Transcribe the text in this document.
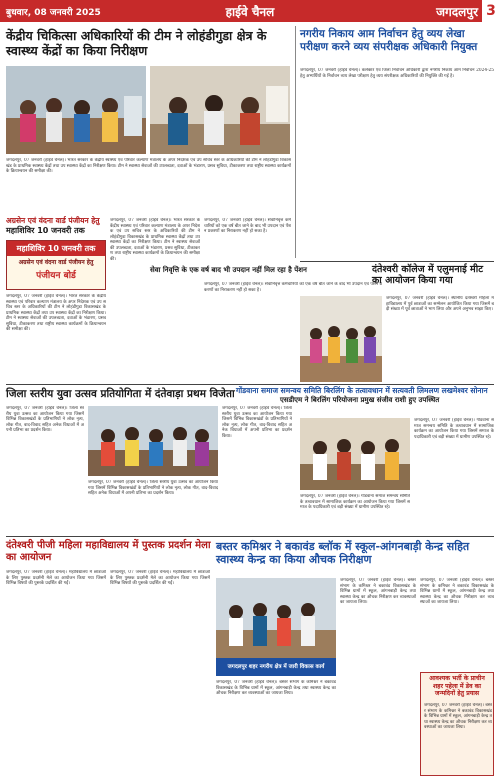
बुधवार, 08 जनवरी 2025	हाईवे चैनल	जगदलपुर 3
केंद्रीय चिकित्सा अधिकारियों की टीम ने लोहंडीगुडा क्षेत्र के स्वास्थ्य केंद्रों का किया निरीक्षण
जगदलपुर, 07 जनवरी (हाईवे चैनल)। भारत सरकार के केंद्रीय स्वास्थ्य एवं परिवार कल्याण मंत्रालय के अपर निदेशक एवं उप सचिव स्तर के अधिकारियों की टीम ने लोहंडीगुडा विकासखंड के प्राथमिक स्वास्थ्य केंद्रों तथा उप स्वास्थ्य केंद्रों का निरीक्षण किया। टीम ने स्वास्थ्य सेवाओं की उपलब्धता, दवाओं के भंडारण, प्रसव सुविधा, टीकाकरण तथा राष्ट्रीय स्वास्थ्य कार्यक्रमों के क्रियान्वयन की समीक्षा की।
अग्रसेन एवं वंदना वार्ड पंजीयन हेतु
महाशिविर 10 जनवरी तक
महाशिविर 10 जनवरी तक
अग्रसेन एवं वंदना वार्ड पंजीयन हेतु
पंजीयन बोर्ड
जगदलपुर, 07 जनवरी (हाईवे चैनल)। भारत सरकार के केंद्रीय स्वास्थ्य एवं परिवार कल्याण मंत्रालय के अपर निदेशक एवं उप सचिव स्तर के अधिकारियों की टीम ने लोहंडीगुडा विकासखंड के प्राथमिक स्वास्थ्य केंद्रों तथा उप स्वास्थ्य केंद्रों का निरीक्षण किया। टीम ने स्वास्थ्य सेवाओं की उपलब्धता, दवाओं के भंडारण, प्रसव सुविधा, टीकाकरण तथा राष्ट्रीय स्वास्थ्य कार्यक्रमों के क्रियान्वयन की समीक्षा की।
जगदलपुर, 07 जनवरी (हाईवे चैनल)। भारत सरकार के केंद्रीय स्वास्थ्य एवं परिवार कल्याण मंत्रालय के अपर निदेशक एवं उप सचिव स्तर के अधिकारियों की टीम ने लोहंडीगुडा विकासखंड के प्राथमिक स्वास्थ्य केंद्रों तथा उप स्वास्थ्य केंद्रों का निरीक्षण किया। टीम ने स्वास्थ्य सेवाओं की उपलब्धता, दवाओं के भंडारण, प्रसव सुविधा, टीकाकरण तथा राष्ट्रीय स्वास्थ्य कार्यक्रमों के क्रियान्वयन की समीक्षा की।
जगदलपुर, 07 जनवरी (हाईवे चैनल)। सेवानिवृत्त कर्मचारियों को एक वर्ष बीत जाने के बाद भी उपदान एवं पेंशन प्रकरणों का निराकरण नहीं हो सका है।
सेवा निवृत्ति के एक वर्ष बाद भी उपदान नहीं मिल रहा है पेंशन
जगदलपुर, 07 जनवरी (हाईवे चैनल)। सेवानिवृत्त कर्मचारियों को एक वर्ष बीत जाने के बाद भी उपदान एवं पेंशन प्रकरणों का निराकरण नहीं हो सका है।
नगरीय निकाय आम निर्वाचन हेतु व्यय लेखा परीक्षण करने व्यय संपरीक्षक अधिकारी नियुक्त
जगदलपुर, 07 जनवरी (हाईवे चैनल)। कलेक्टर एवं जिला निर्वाचन अधिकारी द्वारा नगरीय निकाय आम निर्वाचन 2024-25 हेतु अभ्यर्थियों के निर्वाचन व्यय लेखा परीक्षण हेतु व्यय संपरीक्षक अधिकारियों की नियुक्ति की गई है।
दंतेश्वरी कॉलेज में एलुमनाई मीट का आयोजन किया गया
जगदलपुर, 07 जनवरी (हाईवे चैनल)। स्थानीय दंतेश्वरी महिला महाविद्यालय में पूर्व छात्राओं का सम्मेलन आयोजित किया गया जिसमें बड़ी संख्या में पूर्व छात्राओं ने भाग लिया और अपने अनुभव साझा किए।
जिला स्तरीय युवा उत्सव प्रतियोगिता में दंतेवाड़ा प्रथम विजेता
जगदलपुर, 07 जनवरी (हाईवे चैनल)। जिला स्तरीय युवा उत्सव का आयोजन किया गया जिसमें विभिन्न विकासखंडों के प्रतिभागियों ने लोक नृत्य, लोक गीत, वाद-विवाद सहित अनेक विधाओं में अपनी प्रतिभा का प्रदर्शन किया।
जगदलपुर, 07 जनवरी (हाईवे चैनल)। जिला स्तरीय युवा उत्सव का आयोजन किया गया जिसमें विभिन्न विकासखंडों के प्रतिभागियों ने लोक नृत्य, लोक गीत, वाद-विवाद सहित अनेक विधाओं में अपनी प्रतिभा का प्रदर्शन किया।
जगदलपुर, 07 जनवरी (हाईवे चैनल)। जिला स्तरीय युवा उत्सव का आयोजन किया गया जिसमें विभिन्न विकासखंडों के प्रतिभागियों ने लोक नृत्य, लोक गीत, वाद-विवाद सहित अनेक विधाओं में अपनी प्रतिभा का प्रदर्शन किया।
गोंडवाना समाज समन्वय समिति बिरलिंग के तत्वावधान में सत्यवती लिमलण लखमेश्वर सोनान
एसडीएम ने बिरलिंग परियोजना प्रमुख संजीव राशी हुए उपस्थित
जगदलपुर, 07 जनवरी (हाईवे चैनल)। गोंडवाना समाज समन्वय समिति के तत्वावधान में सामाजिक कार्यक्रम का आयोजन किया गया जिसमें समाज के पदाधिकारी एवं बड़ी संख्या में ग्रामीण उपस्थित रहे।
जगदलपुर, 07 जनवरी (हाईवे चैनल)। गोंडवाना समाज समन्वय समिति के तत्वावधान में सामाजिक कार्यक्रम का आयोजन किया गया जिसमें समाज के पदाधिकारी एवं बड़ी संख्या में ग्रामीण उपस्थित रहे।
दंतेश्वरी पीजी महिला महाविद्यालय में पुस्तक प्रदर्शन मेला का आयोजन
जगदलपुर, 07 जनवरी (हाईवे चैनल)। महाविद्यालय में छात्राओं के लिए पुस्तक प्रदर्शनी मेले का आयोजन किया गया जिसमें विभिन्न विषयों की पुस्तकें प्रदर्शित की गईं।
जगदलपुर, 07 जनवरी (हाईवे चैनल)। महाविद्यालय में छात्राओं के लिए पुस्तक प्रदर्शनी मेले का आयोजन किया गया जिसमें विभिन्न विषयों की पुस्तकें प्रदर्शित की गईं।
बस्तर कमिश्नर ने बकावंड ब्लॉक में स्कूल-आंगनबाड़ी केन्द्र सहित स्वास्थ्य केन्द्र का किया औचक निरीक्षण
जगदलपुर शहर नगरीय क्षेत्र में जारी विकास कार्य
जगदलपुर, 07 जनवरी (हाईवे चैनल)। बस्तर संभाग के कमिश्नर ने बकावंड विकासखंड के विभिन्न ग्रामों में स्कूल, आंगनबाड़ी केन्द्र तथा स्वास्थ्य केन्द्र का औचक निरीक्षण कर व्यवस्थाओं का जायजा लिया।
जगदलपुर, 07 जनवरी (हाईवे चैनल)। बस्तर संभाग के कमिश्नर ने बकावंड विकासखंड के विभिन्न ग्रामों में स्कूल, आंगनबाड़ी केन्द्र तथा स्वास्थ्य केन्द्र का औचक निरीक्षण कर व्यवस्थाओं का जायजा लिया।
आवश्यक भर्ती के प्राचीन शहर पहेला में डेव का जन्मदिनाें हेतु प्रयास
जगदलपुर, 07 जनवरी (हाईवे चैनल)। बस्तर संभाग के कमिश्नर ने बकावंड विकासखंड के विभिन्न ग्रामों में स्कूल, आंगनबाड़ी केन्द्र तथा स्वास्थ्य केन्द्र का औचक निरीक्षण कर व्यवस्थाओं का जायजा लिया।
जगदलपुर, 07 जनवरी (हाईवे चैनल)। बस्तर संभाग के कमिश्नर ने बकावंड विकासखंड के विभिन्न ग्रामों में स्कूल, आंगनबाड़ी केन्द्र तथा स्वास्थ्य केन्द्र का औचक निरीक्षण कर व्यवस्थाओं का जायजा लिया।
